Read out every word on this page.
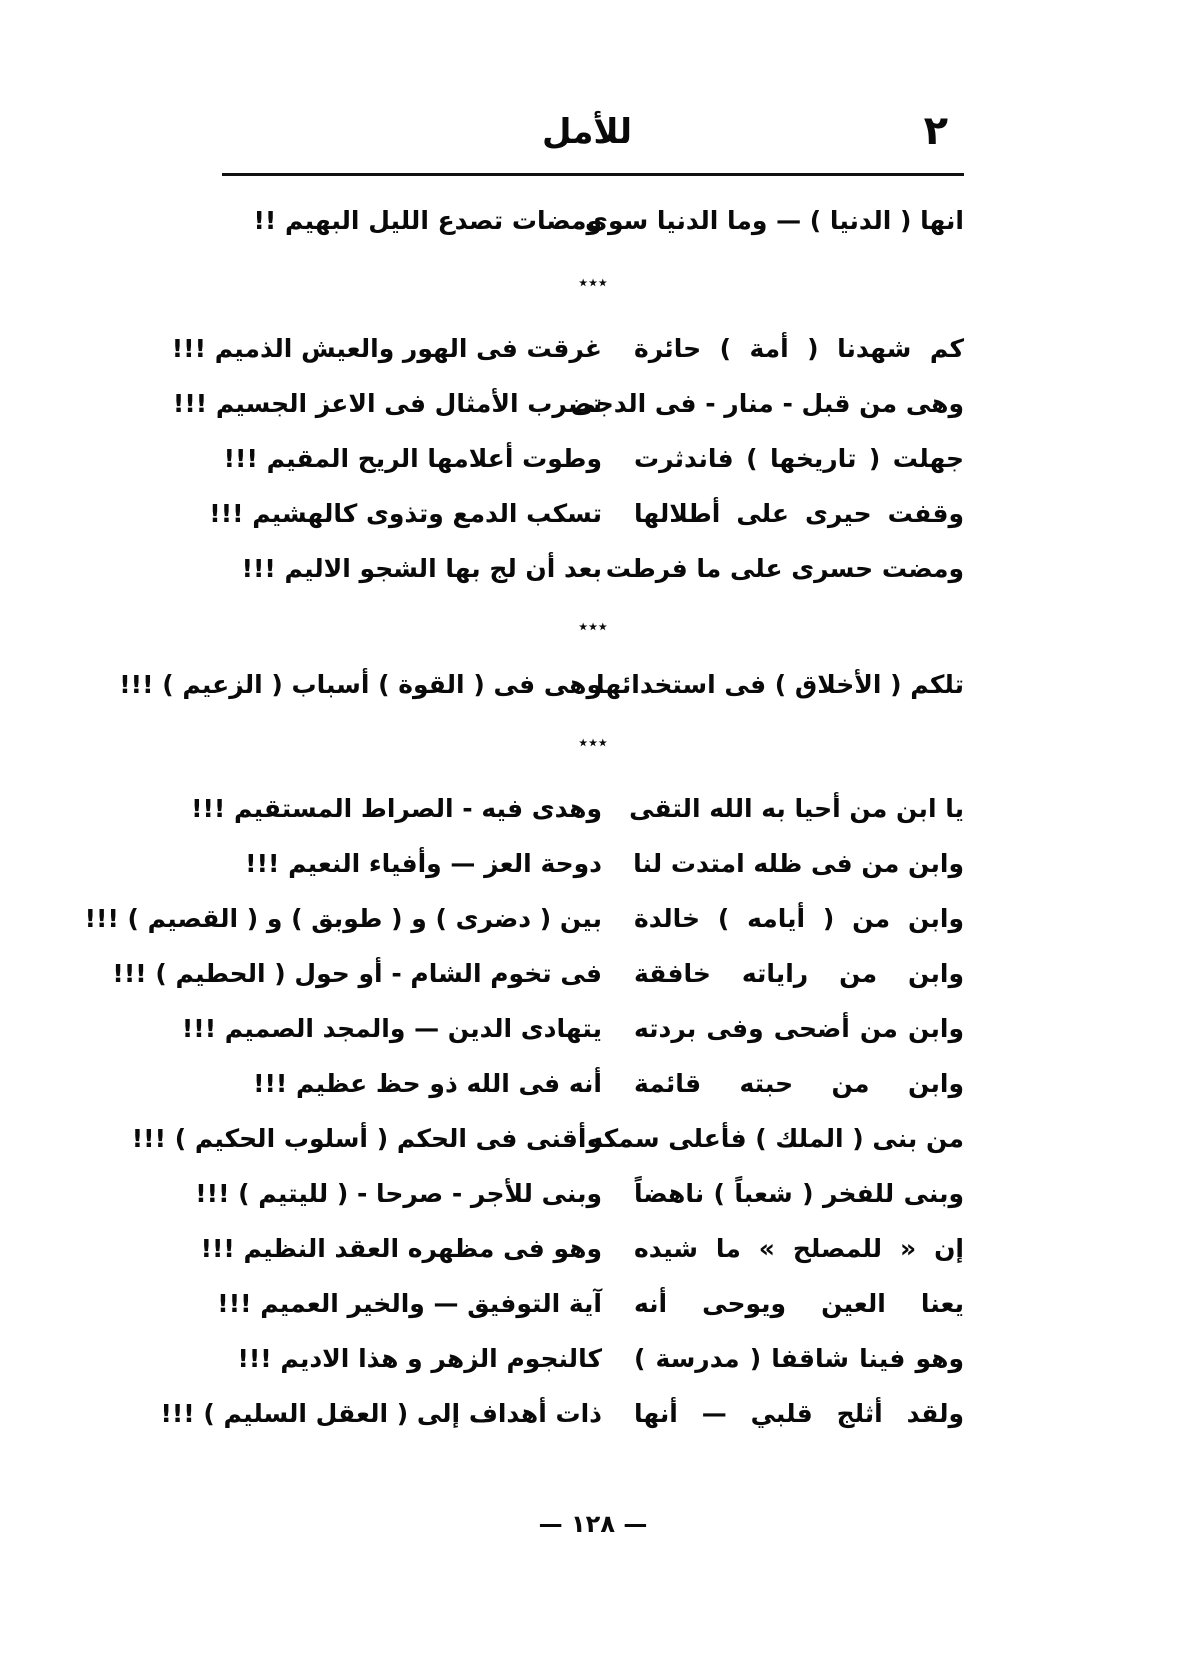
٢
للأمل
انها ( الدنيا ) — وما الدنيا سوى
ومضات تصدع الليل البهيم !!
٭٭٭
كم شهدنا ( أمة ) حائرة
غرقت فى الهور والعيش الذميم !!!
وهى من قبل - منار - فى الدجى
تضرب الأمثال فى الاعز الجسيم !!!
جهلت ( تاريخها ) فاندثرت
وطوت أعلامها الريح المقيم !!!
وقفت حيرى على أطلالها
تسكب الدمع وتذوى كالهشيم !!!
ومضت حسرى على ما فرطت
بعد أن لج بها الشجو الاليم !!!
٭٭٭
تلكم ( الأخلاق ) فى استخدائها
وهى فى ( القوة ) أسباب ( الزعيم ) !!!
٭٭٭
يا ابن من أحيا به الله التقى
وهدى فيه - الصراط المستقيم !!!
وابن من فى ظله امتدت لنا
دوحة العز — وأفياء النعيم !!!
وابن من ( أيامه ) خالدة
بين ( دضرى ) و ( طوبق ) و ( القصيم ) !!!
وابن من راياته خافقة
فى تخوم الشام - أو حول ( الحطيم ) !!!
وابن من أضحى وفى بردته
يتهادى الدين — والمجد الصميم !!!
وابن من حبته قائمة
أنه فى الله ذو حظ عظيم !!!
من بنى ( الملك ) فأعلى سمكه
وأقنى فى الحكم ( أسلوب الحكيم ) !!!
وبنى للفخر ( شعباً ) ناهضاً
وبنى للأجر - صرحا - ( لليتيم ) !!!
إن « للمصلح » ما شيده
وهو فى مظهره العقد النظيم !!!
يعنا العين ويوحى أنه
آية التوفيق — والخير العميم !!!
وهو فينا شاقفا ( مدرسة )
كالنجوم الزهر و هذا الاديم !!!
ولقد أثلج قلبي — أنها
ذات أهداف إلى ( العقل السليم ) !!!
— ١٢٨ —
